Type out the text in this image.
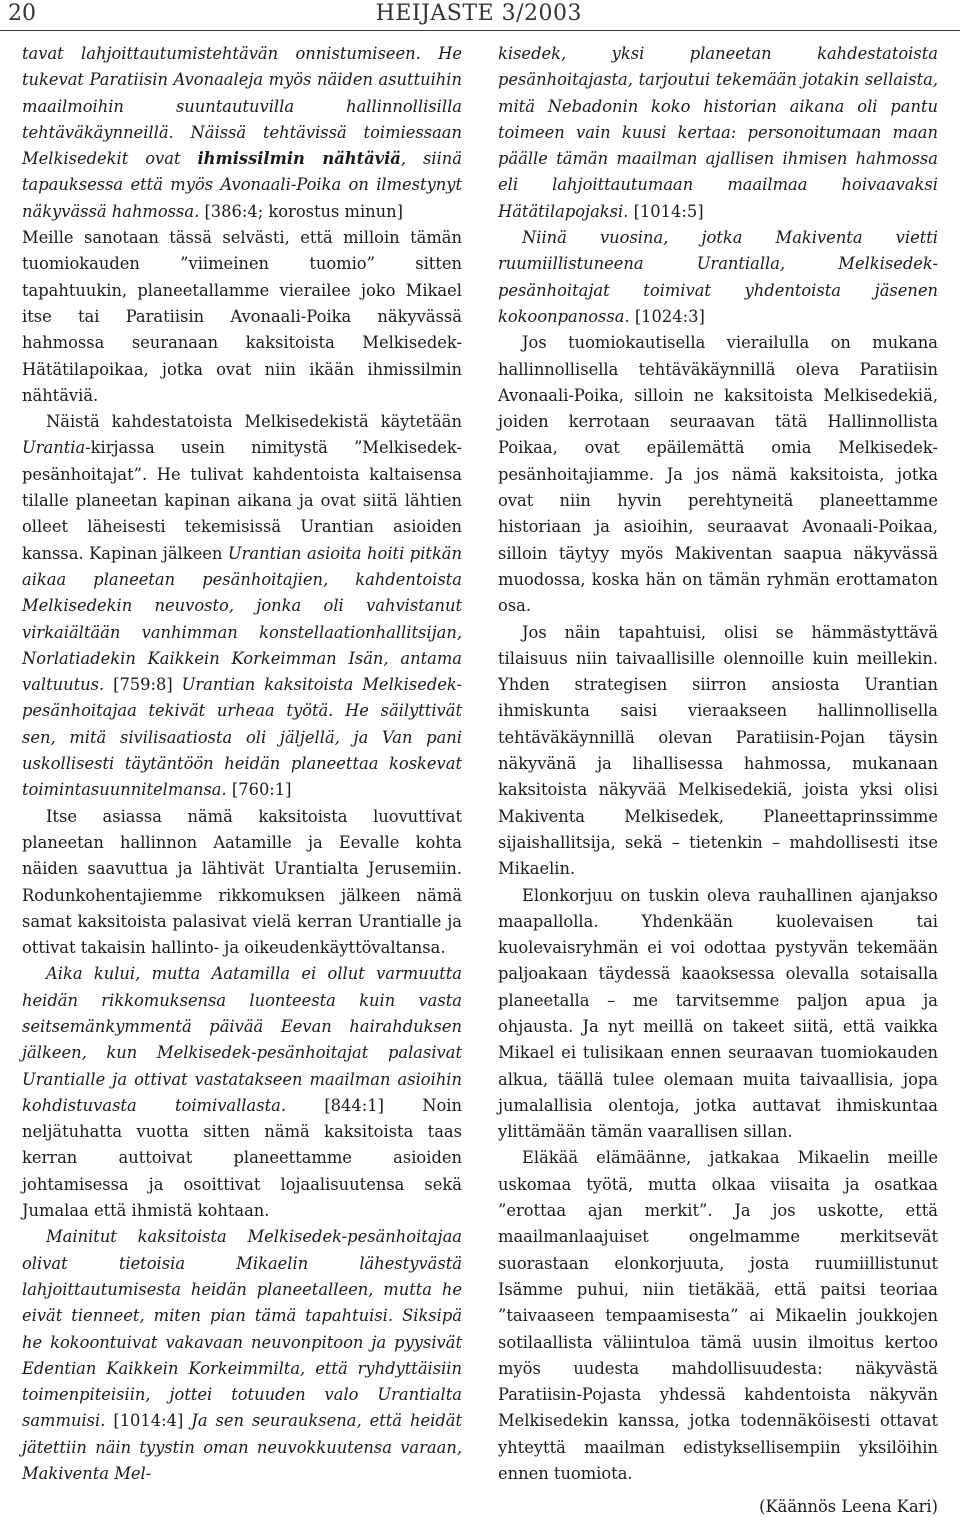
20	HEIJASTE 3/2003

tavat lahjoittautumistehtävän onnistumiseen. He tukevat Paratiisin Avonaaleja myös näiden asuttuihin maailmoihin suuntautuvilla hallinnollisilla tehtäväkäynneillä. Näissä tehtävissä toimiessaan Melkisedekit ovat ihmissilmin nähtäviä, siinä tapauksessa että myös Avonaali-Poika on ilmestynyt näkyvässä hahmossa. [386:4; korostus minun]

Meille sanotaan tässä selvästi, että milloin tämän tuomiokauden ”viimeinen tuomio” sitten tapahtuukin, planeetallamme vierailee joko Mikael itse tai Paratiisin Avonaali-Poika näkyvässä hahmossa seuranaan kaksitoista Melkisedek-Hätätilapoikaa, jotka ovat niin ikään ihmissilmin nähtäviä.

Näistä kahdestatoista Melkisedekistä käytetään Urantia-kirjassa usein nimitystä ”Melkisedek-pesänhoitajat”. He tulivat kahdentoista kaltaisensa tilalle planeetan kapinan aikana ja ovat siitä lähtien olleet läheisesti tekemisissä Urantian asioiden kanssa. Kapinan jälkeen Urantian asioita hoiti pitkän aikaa planeetan pesänhoitajien, kahdentoista Melkisedekin neuvosto, jonka oli vahvistanut virkaiältään vanhimman konstellaationhallitsijan, Norlatiadekin Kaikkein Korkeimman Isän, antama valtuutus. [759:8] Urantian kaksitoista Melkisedek-pesänhoitajaa tekivät urheaa työtä. He säilyttivät sen, mitä sivilisaatiosta oli jäljellä, ja Van pani uskollisesti täytäntöön heidän planeettaa koskevat toimintasuunnitelmansa. [760:1]

Itse asiassa nämä kaksitoista luovuttivat planeetan hallinnon Aatamille ja Eevalle kohta näiden saavuttua ja lähtivät Urantialta Jerusemiin. Rodunkohentajiemme rikkomuksen jälkeen nämä samat kaksitoista palasivat vielä kerran Urantialle ja ottivat takaisin hallinto- ja oikeudenkäyttövaltansa.

Aika kului, mutta Aatamilla ei ollut varmuutta heidän rikkomuksensa luonteesta kuin vasta seitsemänkymmentä päivää Eevan hairahduksen jälkeen, kun Melkisedek-pesänhoitajat palasivat Urantialle ja ottivat vastatakseen maailman asioihin kohdistuvasta toimivallasta. [844:1] Noin neljätuhatta vuotta sitten nämä kaksitoista taas kerran auttoivat planeettamme asioiden johtamisessa ja osoittivat lojaalisuutensa sekä Jumalaa että ihmistä kohtaan.

Mainitut kaksitoista Melkisedek-pesänhoitajaa olivat tietoisia Mikaelin lähestyvästä lahjoittautumisesta heidän planeetalleen, mutta he eivät tienneet, miten pian tämä tapahtuisi. Siksipä he kokoontuivat vakavaan neuvonpitoon ja pyysivät Edentian Kaikkein Korkeimmilta, että ryhdyttäisiin toimenpiteisiin, jottei totuuden valo Urantialta sammuisi. [1014:4] Ja sen seurauksena, että heidät jätettiin näin tyystin oman neuvokkuutensa varaan, Makiventa Mel-

kisedek, yksi planeetan kahdestatoista pesänhoitajasta, tarjoutui tekemään jotakin sellaista, mitä Nebadonin koko historian aikana oli pantu toimeen vain kuusi kertaa: personoitumaan maan päälle tämän maailman ajallisen ihmisen hahmossa eli lahjoittautumaan maailmaa hoivaavaksi Hätätilapojaksi. [1014:5]

Niinä vuosina, jotka Makiventa vietti ruumiillistuneena Urantialla, Melkisedek-pesänhoitajat toimivat yhdentoista jäsenen kokoonpanossa. [1024:3]

Jos tuomiokautisella vierailulla on mukana hallinnollisella tehtäväkäynnillä oleva Paratiisin Avonaali-Poika, silloin ne kaksitoista Melkisedekiä, joiden kerrotaan seuraavan tätä Hallinnollista Poikaa, ovat epäilemättä omia Melkisedek-pesänhoitajiamme. Ja jos nämä kaksitoista, jotka ovat niin hyvin perehtyneitä planeettamme historiaan ja asioihin, seuraavat Avonaali-Poikaa, silloin täytyy myös Makiventan saapua näkyvässä muodossa, koska hän on tämän ryhmän erottamaton osa.

Jos näin tapahtuisi, olisi se hämmästyttävä tilaisuus niin taivaallisille olennoille kuin meillekin. Yhden strategisen siirron ansiosta Urantian ihmiskunta saisi vieraakseen hallinnollisella tehtäväkäynnillä olevan Paratiisin-Pojan täysin näkyvänä ja lihallisessa hahmossa, mukanaan kaksitoista näkyvää Melkisedekiä, joista yksi olisi Makiventa Melkisedek, Planeettaprinssimme sijaishallitsija, sekä – tietenkin – mahdollisesti itse Mikaelin.

Elonkorjuu on tuskin oleva rauhallinen ajanjakso maapallolla. Yhdenkään kuolevaisen tai kuolevaisryhmän ei voi odottaa pystyvän tekemään paljoakaan täydessä kaaoksessa olevalla sotaisalla planeetalla – me tarvitsemme paljon apua ja ohjausta. Ja nyt meillä on takeet siitä, että vaikka Mikael ei tulisikaan ennen seuraavan tuomiokauden alkua, täällä tulee olemaan muita taivaallisia, jopa jumalallisia olentoja, jotka auttavat ihmiskuntaa ylittämään tämän vaarallisen sillan.

Eläkää elämäänne, jatkakaa Mikaelin meille uskomaa työtä, mutta olkaa viisaita ja osatkaa ”erottaa ajan merkit”. Ja jos uskotte, että maailmanlaajuiset ongelmamme merkitsevät suorastaan elonkorjuuta, josta ruumiillistunut Isämme puhui, niin tietäkää, että paitsi teoriaa ”taivaaseen tempaamisesta” ai Mikaelin joukkojen sotilaallista väliintuloa tämä uusin ilmoitus kertoo myös uudesta mahdollisuudesta: näkyvästä Paratiisin-Pojasta yhdessä kahdentoista näkyvän Melkisedekin kanssa, jotka todennäköisesti ottavat yhteyttä maailman edistyksellisempiin yksilöihin ennen tuomiota.

(Käännös Leena Kari)
